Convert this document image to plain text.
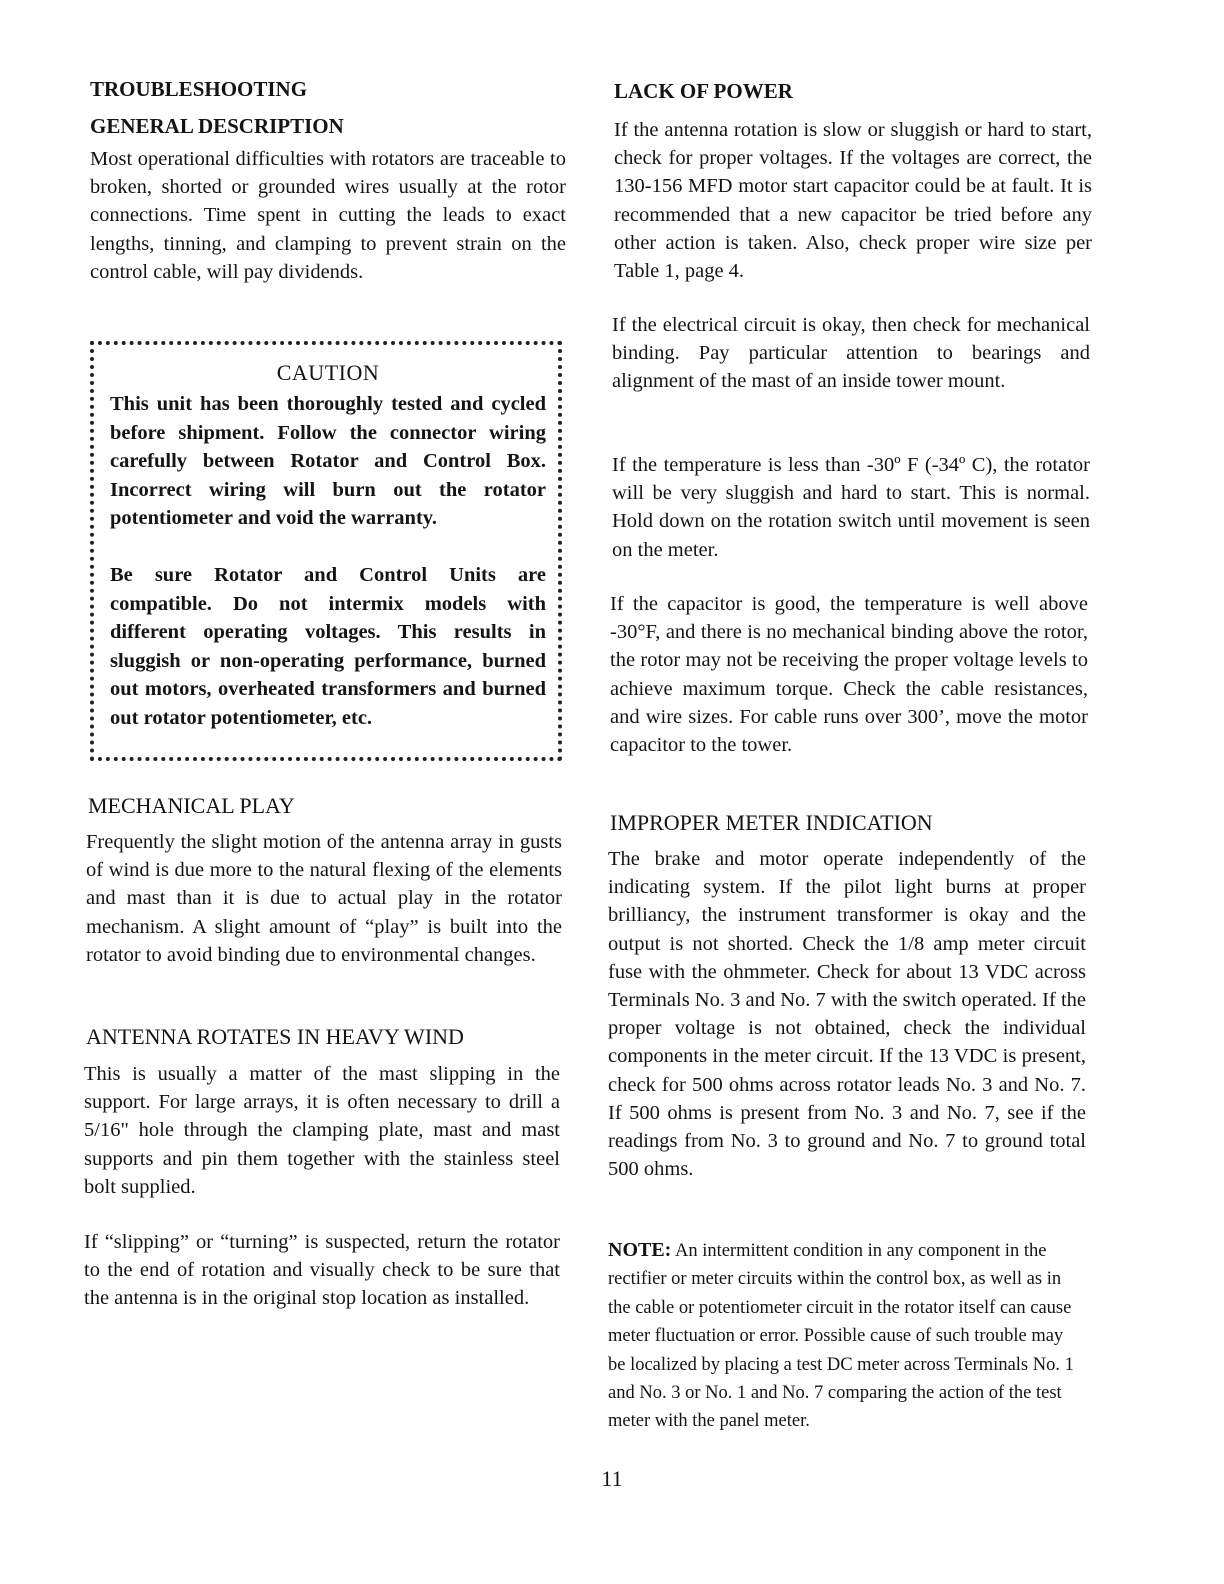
TROUBLESHOOTING
GENERAL DESCRIPTION

Most operational difficulties with rotators are traceable to broken, shorted or grounded wires usually at the rotor connections. Time spent in cutting the leads to exact lengths, tinning, and clamping to prevent strain on the control cable, will pay dividends.

CAUTION

This unit has been thoroughly tested and cycled before shipment. Follow the connector wiring carefully between Rotator and Control Box. Incorrect wiring will burn out the rotator potentiometer and void the warranty.

Be sure Rotator and Control Units are compatible. Do not intermix models with different operating voltages. This results in sluggish or non-operating performance, burned out motors, overheated transformers and burned out rotator potentiometer, etc.

MECHANICAL PLAY

Frequently the slight motion of the antenna array in gusts of wind is due more to the natural flexing of the elements and mast than it is due to actual play in the rotator mechanism. A slight amount of “play” is built into the rotator to avoid binding due to environmental changes.

ANTENNA ROTATES IN HEAVY WIND

This is usually a matter of the mast slipping in the support. For large arrays, it is often necessary to drill a 5/16" hole through the clamping plate, mast and mast supports and pin them together with the stainless steel bolt supplied.

If “slipping” or “turning” is suspected, return the rotator to the end of rotation and visually check to be sure that the antenna is in the original stop location as installed.

LACK OF POWER

If the antenna rotation is slow or sluggish or hard to start, check for proper voltages. If the voltages are correct, the 130-156 MFD motor start capacitor could be at fault. It is recommended that a new capacitor be tried before any other action is taken. Also, check proper wire size per Table 1, page 4.

If the electrical circuit is okay, then check for mechanical binding. Pay particular attention to bearings and alignment of the mast of an inside tower mount.

If the temperature is less than -30º F (-34º C), the rotator will be very sluggish and hard to start. This is normal. Hold down on the rotation switch until movement is seen on the meter.

If the capacitor is good, the temperature is well above -30°F, and there is no mechanical binding above the rotor, the rotor may not be receiving the proper voltage levels to achieve maximum torque. Check the cable resistances, and wire sizes. For cable runs over 300’, move the motor capacitor to the tower.

IMPROPER METER INDICATION

The brake and motor operate independently of the indicating system. If the pilot light burns at proper brilliancy, the instrument transformer is okay and the output is not shorted. Check the 1/8 amp meter circuit fuse with the ohmmeter. Check for about 13 VDC across Terminals No. 3 and No. 7 with the switch operated. If the proper voltage is not obtained, check the individual components in the meter circuit. If the 13 VDC is present, check for 500 ohms across rotator leads No. 3 and No. 7. If 500 ohms is present from No. 3 and No. 7, see if the readings from No. 3 to ground and No. 7 to ground total 500 ohms.

NOTE: An intermittent condition in any component in the rectifier or meter circuits within the control box, as well as in the cable or potentiometer circuit in the rotator itself can cause meter fluctuation or error. Possible cause of such trouble may be localized by placing a test DC meter across Terminals No. 1 and No. 3 or No. 1 and No. 7 comparing the action of the test meter with the panel meter.

11
